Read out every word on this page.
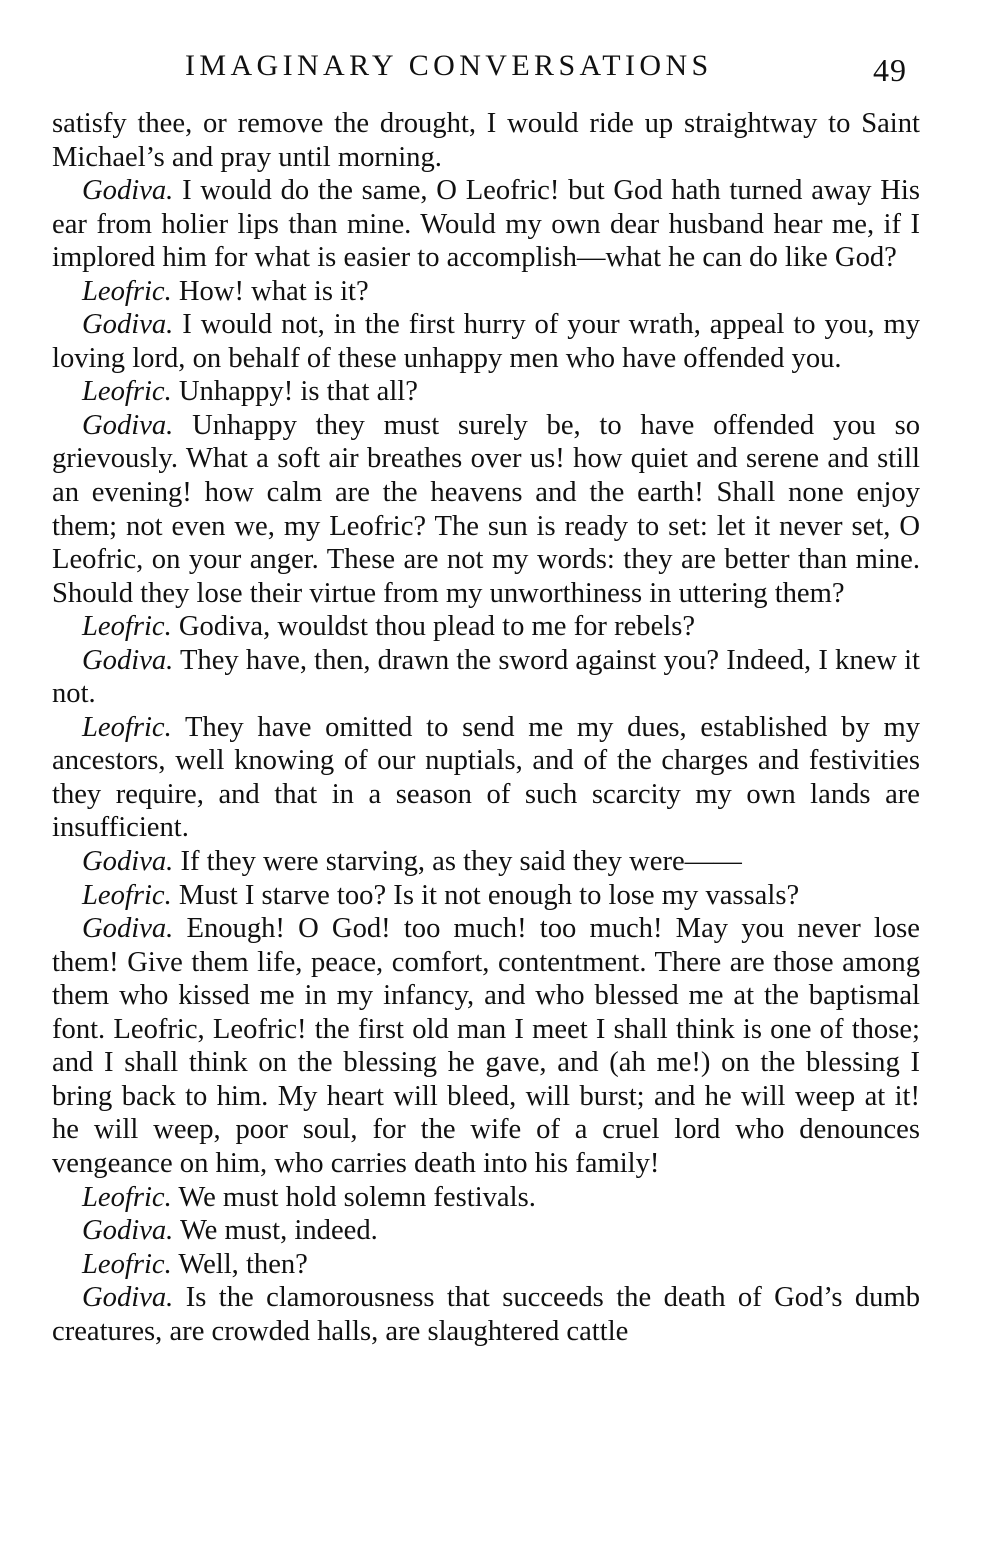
IMAGINARY CONVERSATIONS	49

satisfy thee, or remove the drought, I would ride up straightway to Saint Michael’s and pray until morning.

Godiva. I would do the same, O Leofric! but God hath turned away His ear from holier lips than mine. Would my own dear husband hear me, if I implored him for what is easier to accomplish—what he can do like God?

Leofric. How! what is it?

Godiva. I would not, in the first hurry of your wrath, appeal to you, my loving lord, on behalf of these unhappy men who have offended you.

Leofric. Unhappy! is that all?

Godiva. Unhappy they must surely be, to have offended you so grievously. What a soft air breathes over us! how quiet and serene and still an evening! how calm are the heavens and the earth! Shall none enjoy them; not even we, my Leofric? The sun is ready to set: let it never set, O Leofric, on your anger. These are not my words: they are better than mine. Should they lose their virtue from my unworthiness in uttering them?

Leofric. Godiva, wouldst thou plead to me for rebels?

Godiva. They have, then, drawn the sword against you? Indeed, I knew it not.

Leofric. They have omitted to send me my dues, established by my ancestors, well knowing of our nuptials, and of the charges and festivities they require, and that in a season of such scarcity my own lands are insufficient.

Godiva. If they were starving, as they said they were——

Leofric. Must I starve too? Is it not enough to lose my vassals?

Godiva. Enough! O God! too much! too much! May you never lose them! Give them life, peace, comfort, contentment. There are those among them who kissed me in my infancy, and who blessed me at the baptismal font. Leofric, Leofric! the first old man I meet I shall think is one of those; and I shall think on the blessing he gave, and (ah me!) on the blessing I bring back to him. My heart will bleed, will burst; and he will weep at it! he will weep, poor soul, for the wife of a cruel lord who denounces vengeance on him, who carries death into his family!

Leofric. We must hold solemn festivals.

Godiva. We must, indeed.

Leofric. Well, then?

Godiva. Is the clamorousness that succeeds the death of God’s dumb creatures, are crowded halls, are slaughtered cattle
